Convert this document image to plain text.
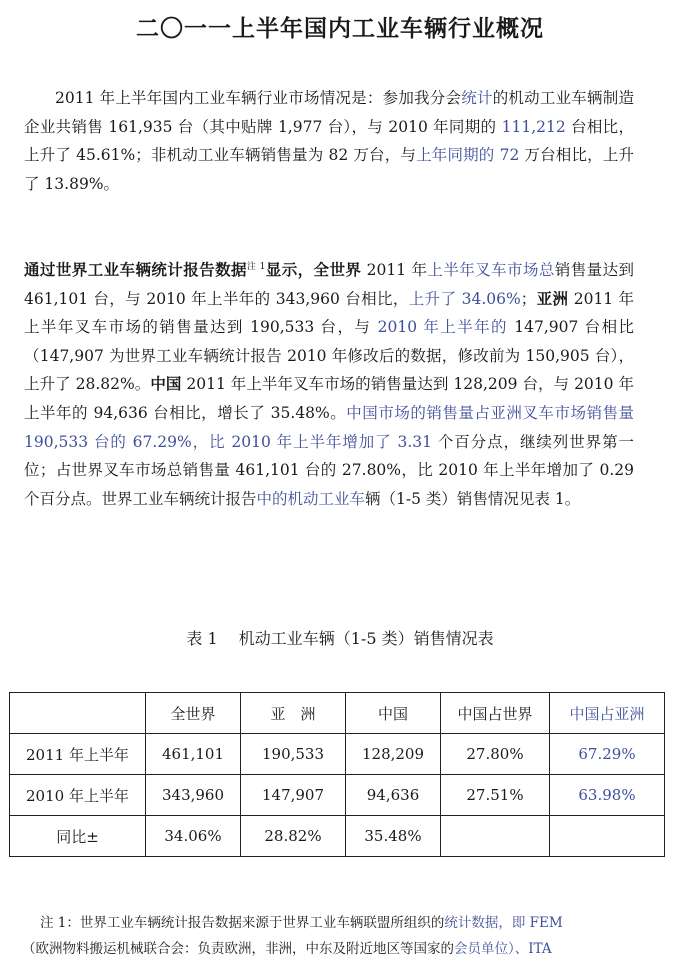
二〇一一上半年国内工业车辆行业概况
2011 年上半年国内工业车辆行业市场情况是：参加我分会统计的机动工业车辆制造企业共销售 161,935 台（其中贴牌 1,977 台），与 2010 年同期的 111,212 台相比，上升了 45.61%；非机动工业车辆销售量为 82 万台，与上年同期的 72 万台相比，上升了 13.89%。
通过世界工业车辆统计报告数据$^{注 1}$显示，全世界 2011 年上半年叉车市场总销售量达到 461,101 台，与 2010 年上半年的 343,960 台相比，上升了 34.06%；亚洲 2011 年上半年叉车市场的销售量达到 190,533 台，与 2010 年上半年的 147,907 台相比（147,907 为世界工业车辆统计报告 2010 年修改后的数据，修改前为 150,905 台），上升了 28.82%。中国 2011 年上半年叉车市场的销售量达到 128,209 台，与 2010 年上半年的 94,636 台相比，增长了 35.48%。中国市场的销售量占亚洲叉车市场销售量 190,533 台的 67.29%，比 2010 年上半年增加了 3.31 个百分点，继续列世界第一位；占世界叉车市场总销售量 461,101 台的 27.80%，比 2010 年上半年增加了 0.29 个百分点。世界工业车辆统计报告中的机动工业车辆（1-5 类）销售情况见表 1。
表 1　 机动工业车辆（1-5 类）销售情况表
	全世界	亚　洲	中国	中国占世界	中国占亚洲
2011 年上半年	461,101	190,533	128,209	27.80%	67.29%
2010 年上半年	343,960	147,907	94,636	27.51%	63.98%
同比±	34.06%	28.82%	35.48%		
注 1：世界工业车辆统计报告数据来源于世界工业车辆联盟所组织的统计数据，即 FEM
（欧洲物料搬运机械联合会：负责欧洲，非洲，中东及附近地区等国家的会员单位）、ITA
